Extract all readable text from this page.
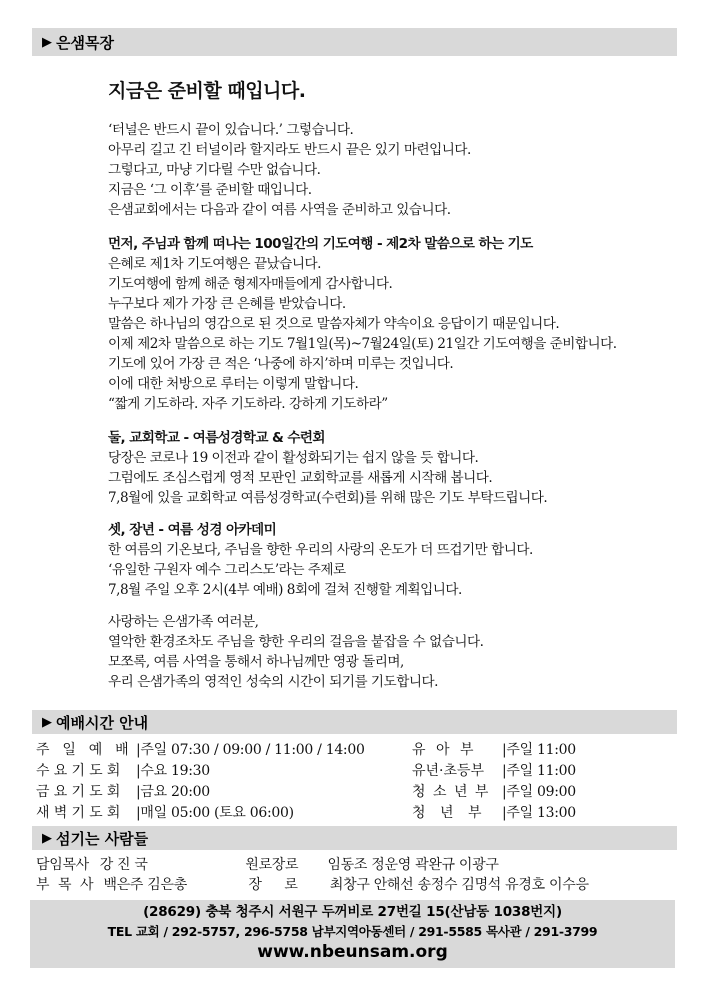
▶ 은샘목장
지금은 준비할 때입니다.
‘터널은 반드시 끝이 있습니다.’ 그렇습니다.
아무리 길고 긴 터널이라 할지라도 반드시 끝은 있기 마련입니다.
그렇다고, 마냥 기다릴 수만 없습니다.
지금은 ‘그 이후’를 준비할 때입니다.
은샘교회에서는 다음과 같이 여름 사역을 준비하고 있습니다.
먼저, 주님과 함께 떠나는 100일간의 기도여행 - 제2차 말씀으로 하는 기도
은혜로 제1차 기도여행은 끝났습니다.
기도여행에 함께 해준 형제자매들에게 감사합니다.
누구보다 제가 가장 큰 은혜를 받았습니다.
말씀은 하나님의 영감으로 된 것으로 말씀자체가 약속이요 응답이기 때문입니다.
이제 제2차 말씀으로 하는 기도 7월1일(목)~7월24일(토) 21일간 기도여행을 준비합니다.
기도에 있어 가장 큰 적은 ‘나중에 하지’하며 미루는 것입니다.
이에 대한 처방으로 루터는 이렇게 말합니다.
“짧게 기도하라. 자주 기도하라. 강하게 기도하라”
둘, 교회학교 - 여름성경학교 & 수련회
당장은 코로나 19 이전과 같이 활성화되기는 쉽지 않을 듯 합니다.
그럼에도 조심스럽게 영적 모판인 교회학교를 새롭게 시작해 봅니다.
7,8월에 있을 교회학교 여름성경학교(수련회)를 위해 많은 기도 부탁드립니다.
셋, 장년 - 여름 성경 아카데미
한 여름의 기온보다, 주님을 향한 우리의 사랑의 온도가 더 뜨겁기만 합니다.
‘유일한 구원자 예수 그리스도’라는 주제로
7,8월 주일 오후 2시(4부 예배) 8회에 걸쳐 진행할 계획입니다.
사랑하는 은샘가족 여러분,
열악한 환경조차도 주님을 향한 우리의 걸음을 붙잡을 수 없습니다.
모쪼록, 여름 사역을 통해서 하나님께만 영광 돌리며,
우리 은샘가족의 영적인 성숙의 시간이 되기를 기도합니다.
▶ 예배시간 안내
주 일 예 배 |주일 07:30 / 09:00 / 11:00 / 14:00	유 아 부	|주일 11:00
수요기도회 |수요 19:30	유년·초등부	|주일 11:00
금요기도회 |금요 20:00	청 소 년 부 |주일 09:00
새벽기도회 |매일 05:00 (토요 06:00)	청 년 부	|주일 13:00
▶ 섬기는 사람들
담임목사 강 진 국	원로장로	임동조 정운영 곽완규 이광구
부 목 사 백은주 김은총	장 로	최창구 안해선 송정수 김명석 유경호 이수응
(28629) 충북 청주시 서원구 두꺼비로 27번길 15(산남동 1038번지)
TEL 교회 / 292-5757, 296-5758 남부지역아동센터 / 291-5585 목사관 / 291-3799
www.nbeunsam.org
